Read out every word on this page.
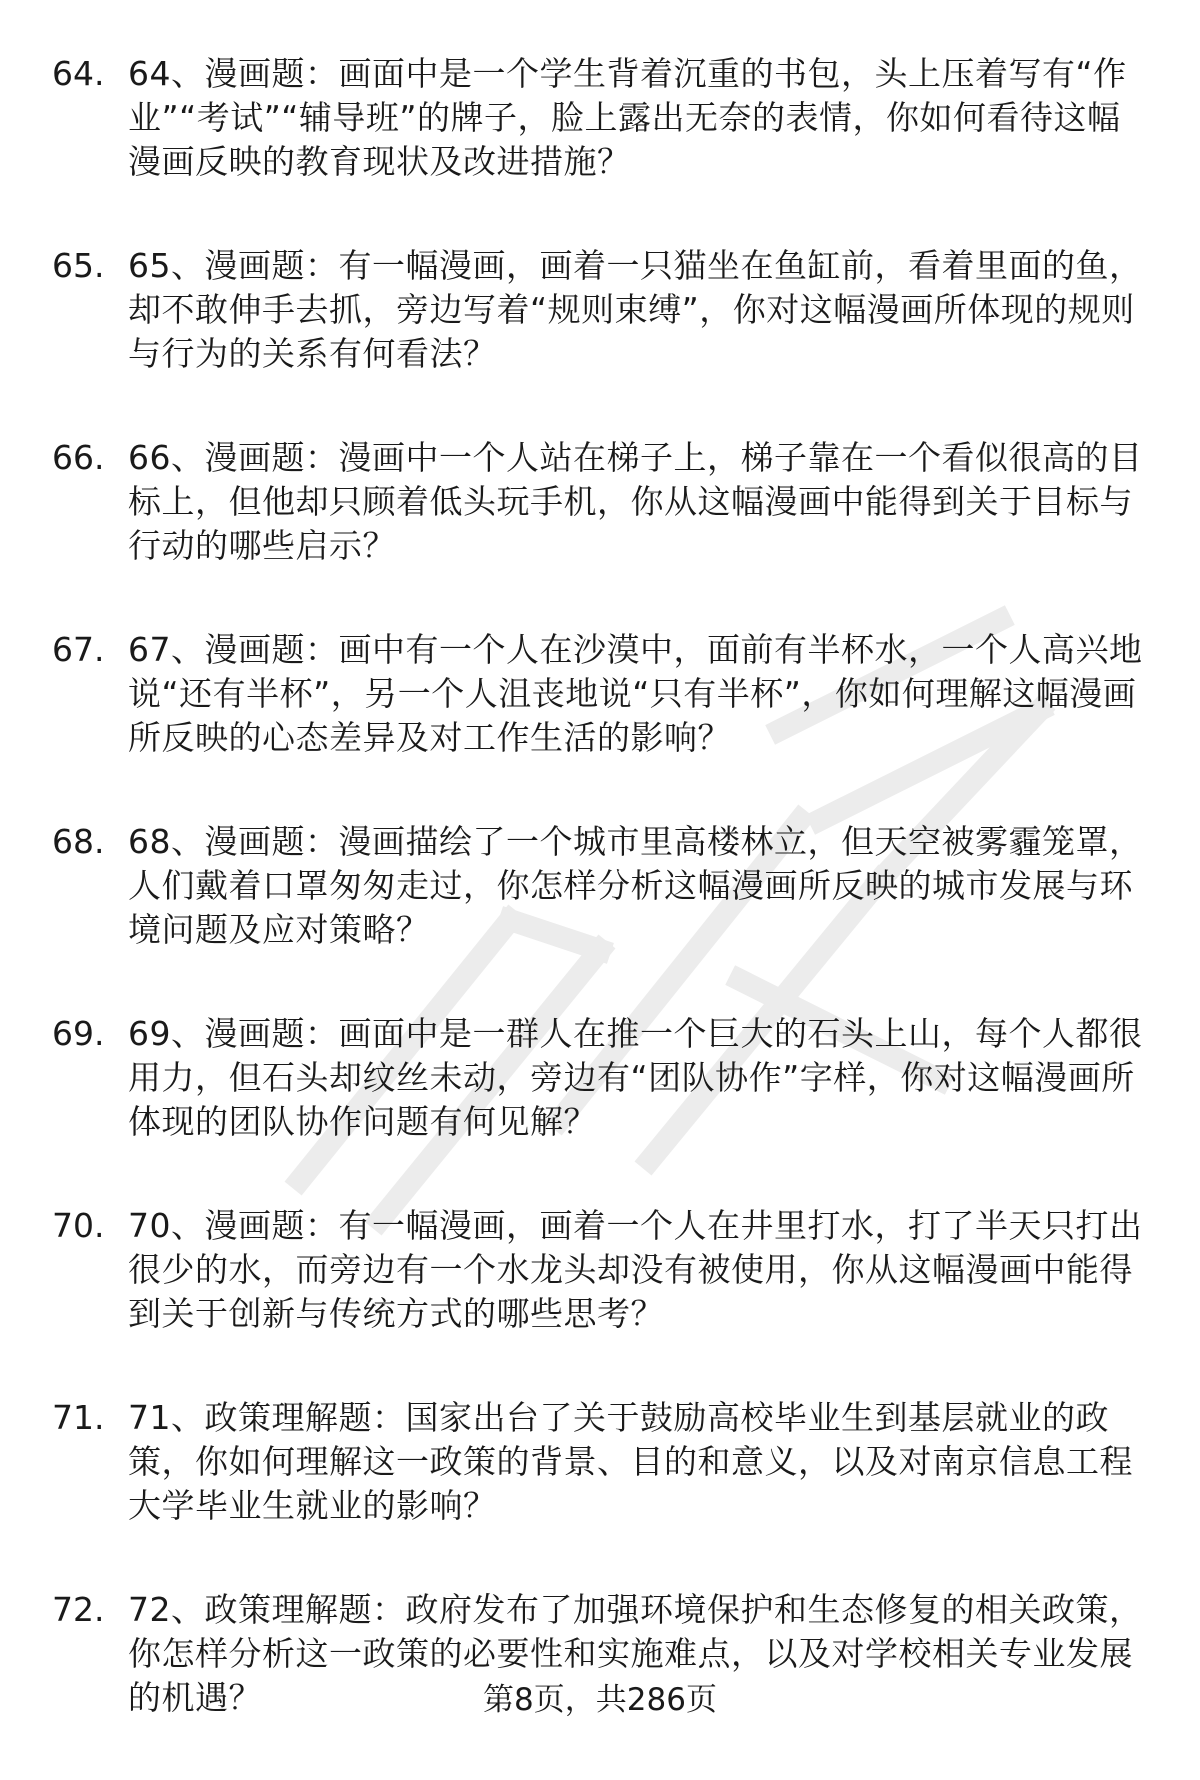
64. 64、漫画题：画面中是一个学生背着沉重的书包，头上压着写有“作业”“考试”“辅导班”的牌子，脸上露出无奈的表情，你如何看待这幅漫画反映的教育现状及改进措施？
65. 65、漫画题：有一幅漫画，画着一只猫坐在鱼缸前，看着里面的鱼，却不敢伸手去抓，旁边写着“规则束缚”，你对这幅漫画所体现的规则与行为的关系有何看法？
66. 66、漫画题：漫画中一个人站在梯子上，梯子靠在一个看似很高的目标上，但他却只顾着低头玩手机，你从这幅漫画中能得到关于目标与行动的哪些启示？
67. 67、漫画题：画中有一个人在沙漠中，面前有半杯水，一个人高兴地说“还有半杯”，另一个人沮丧地说“只有半杯”，你如何理解这幅漫画所反映的心态差异及对工作生活的影响？
68. 68、漫画题：漫画描绘了一个城市里高楼林立，但天空被雾霾笼罩，人们戴着口罩匆匆走过，你怎样分析这幅漫画所反映的城市发展与环境问题及应对策略？
69. 69、漫画题：画面中是一群人在推一个巨大的石头上山，每个人都很用力，但石头却纹丝未动，旁边有“团队协作”字样，你对这幅漫画所体现的团队协作问题有何见解？
70. 70、漫画题：有一幅漫画，画着一个人在井里打水，打了半天只打出很少的水，而旁边有一个水龙头却没有被使用，你从这幅漫画中能得到关于创新与传统方式的哪些思考？
71. 71、政策理解题：国家出台了关于鼓励高校毕业生到基层就业的政策，你如何理解这一政策的背景、目的和意义，以及对南京信息工程大学毕业生就业的影响？
72. 72、政策理解题：政府发布了加强环境保护和生态修复的相关政策，你怎样分析这一政策的必要性和实施难点，以及对学校相关专业发展的机遇？	第8页，共286页
